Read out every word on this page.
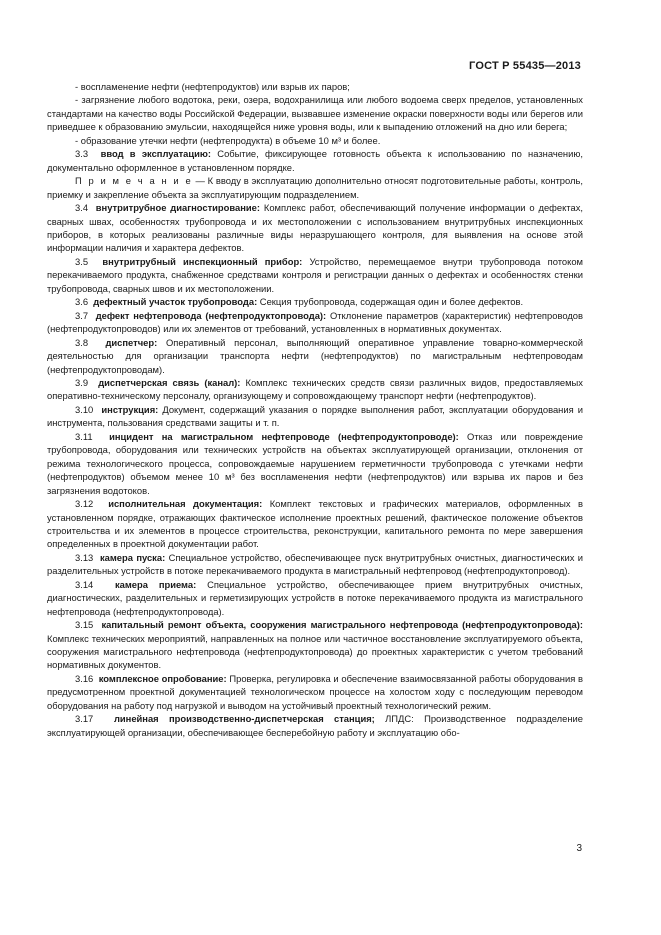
ГОСТ Р 55435—2013

- воспламенение нефти (нефтепродуктов) или взрыв их паров;

- загрязнение любого водотока, реки, озера, водохранилища или любого водоема сверх пределов, установленных стандартами на качество воды Российской Федерации, вызвавшее изменение окраски поверхности воды или берегов или приведшее к образованию эмульсии, находящейся ниже уровня воды, или к выпадению отложений на дно или берега;

- образование утечки нефти (нефтепродукта) в объеме 10 м³ и более.

3.3 ввод в эксплуатацию: Событие, фиксирующее готовность объекта к использованию по назначению, документально оформленное в установленном порядке.

П р и м е ч а н и е — К вводу в эксплуатацию дополнительно относят подготовительные работы, контроль, приемку и закрепление объекта за эксплуатирующим подразделением.

3.4 внутритрубное диагностирование: Комплекс работ, обеспечивающий получение информации о дефектах, сварных швах, особенностях трубопровода и их местоположении с использованием внутритрубных инспекционных приборов, в которых реализованы различные виды неразрушающего контроля, для выявления на основе этой информации наличия и характера дефектов.

3.5 внутритрубный инспекционный прибор: Устройство, перемещаемое внутри трубопровода потоком перекачиваемого продукта, снабженное средствами контроля и регистрации данных о дефектах и особенностях стенки трубопровода, сварных швов и их местоположении.

3.6 дефектный участок трубопровода: Секция трубопровода, содержащая один и более дефектов.

3.7 дефект нефтепровода (нефтепродуктопровода): Отклонение параметров (характеристик) нефтепроводов (нефтепродуктопроводов) или их элементов от требований, установленных в нормативных документах.

3.8 диспетчер: Оперативный персонал, выполняющий оперативное управление товарно-коммерческой деятельностью для организации транспорта нефти (нефтепродуктов) по магистральным нефтепроводам (нефтепродуктопроводам).

3.9 диспетчерская связь (канал): Комплекс технических средств связи различных видов, предоставляемых оперативно-техническому персоналу, организующему и сопровождающему транспорт нефти (нефтепродуктов).

3.10 инструкция: Документ, содержащий указания о порядке выполнения работ, эксплуатации оборудования и инструмента, пользования средствами защиты и т. п.

3.11 инцидент на магистральном нефтепроводе (нефтепродуктопроводе): Отказ или повреждение трубопровода, оборудования или технических устройств на объектах эксплуатирующей организации, отклонения от режима технологического процесса, сопровождаемые нарушением герметичности трубопровода с утечками нефти (нефтепродуктов) объемом менее 10 м³ без воспламенения нефти (нефтепродуктов) или взрыва их паров и без загрязнения водотоков.

3.12 исполнительная документация: Комплект текстовых и графических материалов, оформленных в установленном порядке, отражающих фактическое исполнение проектных решений, фактическое положение объектов строительства и их элементов в процессе строительства, реконструкции, капитального ремонта по мере завершения определенных в проектной документации работ.

3.13 камера пуска: Специальное устройство, обеспечивающее пуск внутритрубных очистных, диагностических и разделительных устройств в потоке перекачиваемого продукта в магистральный нефтепровод (нефтепродуктопровод).

3.14 камера приема: Специальное устройство, обеспечивающее прием внутритрубных очистных, диагностических, разделительных и герметизирующих устройств в потоке перекачиваемого продукта из магистрального нефтепровода (нефтепродуктопровода).

3.15 капитальный ремонт объекта, сооружения магистрального нефтепровода (нефтепродуктопровода): Комплекс технических мероприятий, направленных на полное или частичное восстановление эксплуатируемого объекта, сооружения магистрального нефтепровода (нефтепродуктопровода) до проектных характеристик с учетом требований нормативных документов.

3.16 комплексное опробование: Проверка, регулировка и обеспечение взаимосвязанной работы оборудования в предусмотренном проектной документацией технологическом процессе на холостом ходу с последующим переводом оборудования на работу под нагрузкой и выводом на устойчивый проектный технологический режим.

3.17 линейная производственно-диспетчерская станция; ЛПДС: Производственное подразделение эксплуатирующей организации, обеспечивающее бесперебойную работу и эксплуатацию обо-

3
